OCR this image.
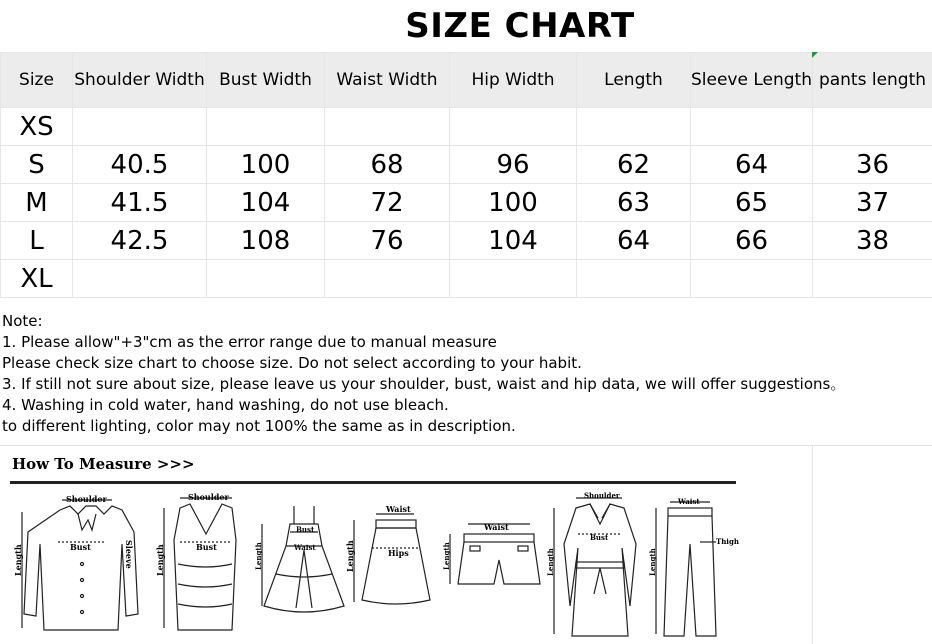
SIZE CHART
Size	Shoulder Width	Bust Width	Waist Width	Hip Width	Length	Sleeve Length	pants length
XS							
S	40.5	100	68	96	62	64	36
M	41.5	104	72	100	63	65	37
L	42.5	108	76	104	64	66	38
XL							
Note:
1. Please allow"+3"cm as the error range due to manual measure
Please check size chart to choose size. Do not select according to your habit.
3. If still not sure about size, please leave us your shoulder, bust, waist and hip data, we will offer suggestions。
4. Washing in cold water, hand washing, do not use bleach.
to different lighting, color may not 100% the same as in description.
How To Measure >>>
Shoulder
Bust
Length	Sleeve
Shoulder
Bust
Length
Bust
Waist
Length
Waist
Hips
Length
Waist
Length
Shoulder
Bust
Length
Waist
Thigh
Length
